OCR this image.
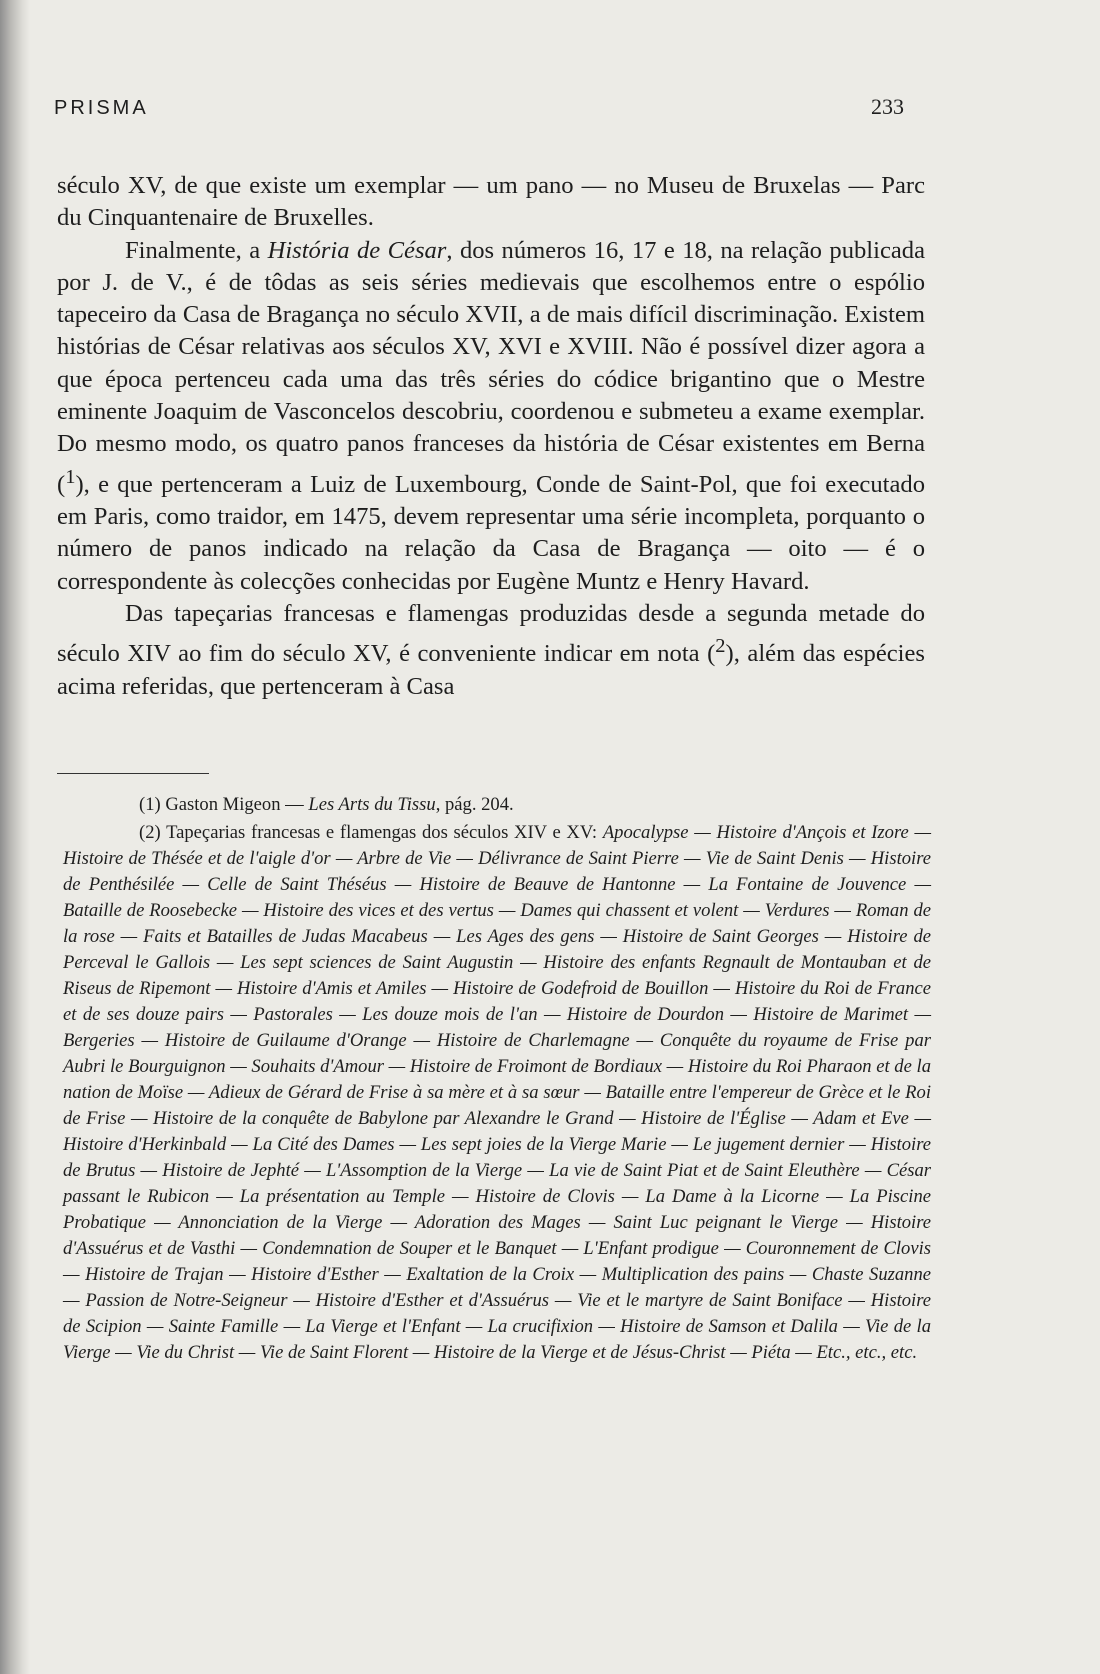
PRISMA	233

século XV, de que existe um exemplar — um pano — no Museu de Bruxelas — Parc du Cinquantenaire de Bruxelles.

Finalmente, a História de César, dos números 16, 17 e 18, na relação publicada por J. de V., é de tôdas as seis séries medievais que escolhemos entre o espólio tapeceiro da Casa de Bragança no século XVII, a de mais difícil discriminação. Existem histórias de César relativas aos séculos XV, XVI e XVIII. Não é possível dizer agora a que época pertenceu cada uma das três séries do códice brigantino que o Mestre eminente Joaquim de Vasconcelos descobriu, coordenou e submeteu a exame exemplar. Do mesmo modo, os quatro panos franceses da história de César existentes em Berna ($^1$), e que pertenceram a Luiz de Luxembourg, Conde de Saint-Pol, que foi executado em Paris, como traidor, em 1475, devem representar uma série incompleta, porquanto o número de panos indicado na relação da Casa de Bragança — oito — é o correspondente às colecções conhecidas por Eugène Muntz e Henry Havard.

Das tapeçarias francesas e flamengas produzidas desde a segunda metade do século XIV ao fim do século XV, é conveniente indicar em nota ($^2$), além das espécies acima referidas, que pertenceram à Casa

(1) Gaston Migeon — Les Arts du Tissu, pág. 204.

(2) Tapeçarias francesas e flamengas dos séculos XIV e XV: Apocalypse — Histoire d'Ançois et Izore — Histoire de Thésée et de l'aigle d'or — Arbre de Vie — Délivrance de Saint Pierre — Vie de Saint Denis — Histoire de Penthésilée — Celle de Saint Théséus — Histoire de Beauve de Hantonne — La Fontaine de Jouvence — Bataille de Roosebecke — Histoire des vices et des vertus — Dames qui chassent et volent — Verdures — Roman de la rose — Faits et Batailles de Judas Macabeus — Les Ages des gens — Histoire de Saint Georges — Histoire de Perceval le Gallois — Les sept sciences de Saint Augustin — Histoire des enfants Regnault de Montauban et de Riseus de Ripemont — Histoire d'Amis et Amiles — Histoire de Godefroid de Bouillon — Histoire du Roi de France et de ses douze pairs — Pastorales — Les douze mois de l'an — Histoire de Dourdon — Histoire de Marimet — Bergeries — Histoire de Guilaume d'Orange — Histoire de Charlemagne — Conquête du royaume de Frise par Aubri le Bourguignon — Souhaits d'Amour — Histoire de Froimont de Bordiaux — Histoire du Roi Pharaon et de la nation de Moïse — Adieux de Gérard de Frise à sa mère et à sa sœur — Bataille entre l'empereur de Grèce et le Roi de Frise — Histoire de la conquête de Babylone par Alexandre le Grand — Histoire de l'Église — Adam et Eve — Histoire d'Herkinbald — La Cité des Dames — Les sept joies de la Vierge Marie — Le jugement dernier — Histoire de Brutus — Histoire de Jephté — L'Assomption de la Vierge — La vie de Saint Piat et de Saint Eleuthère — César passant le Rubicon — La présentation au Temple — Histoire de Clovis — La Dame à la Licorne — La Piscine Probatique — Annonciation de la Vierge — Adoration des Mages — Saint Luc peignant le Vierge — Histoire d'Assuérus et de Vasthi — Condemnation de Souper et le Banquet — L'Enfant prodigue — Couronnement de Clovis — Histoire de Trajan — Histoire d'Esther — Exaltation de la Croix — Multiplication des pains — Chaste Suzanne — Passion de Notre-Seigneur — Histoire d'Esther et d'Assuérus — Vie et le martyre de Saint Boniface — Histoire de Scipion — Sainte Famille — La Vierge et l'Enfant — La crucifixion — Histoire de Samson et Dalila — Vie de la Vierge — Vie du Christ — Vie de Saint Florent — Histoire de la Vierge et de Jésus-Christ — Piéta — Etc., etc., etc.
